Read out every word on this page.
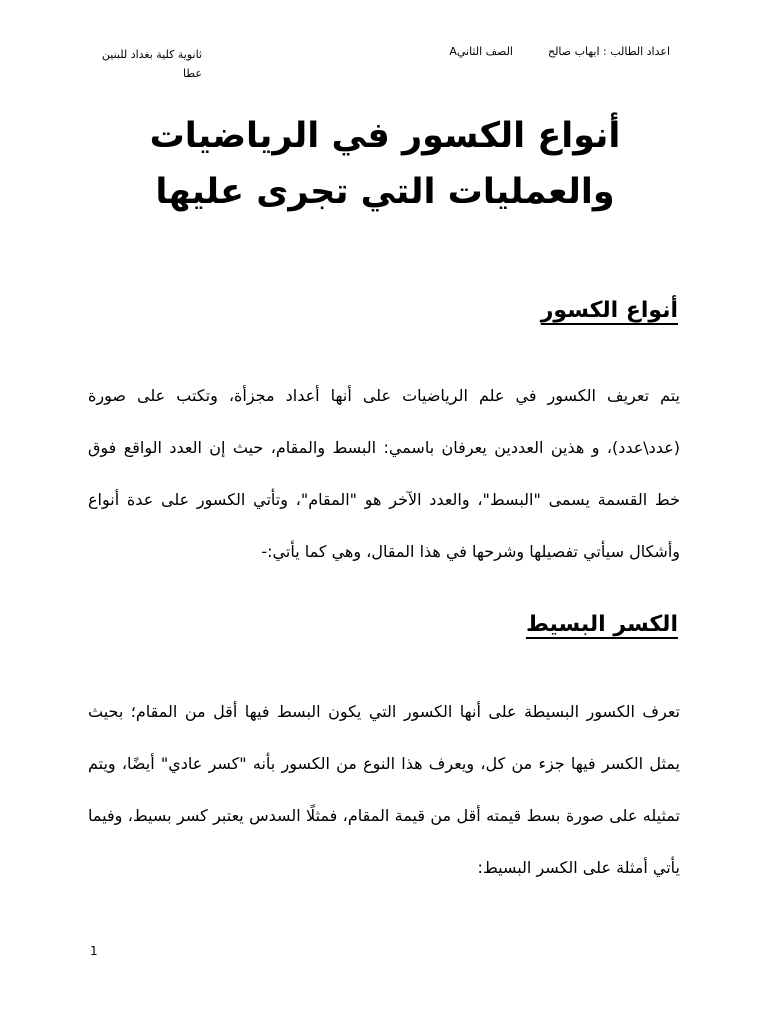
اعداد الطالب : ايهاب صالح  الصف الثانيA
ثانوية كلية بغداد للبنين
عطا
أنواع الكسور في الرياضيات والعمليات التي تجرى عليها
أنواع الكسور
يتم تعريف الكسور في علم الرياضيات على أنها أعداد مجزأة، وتكتب على صورة (عدد\عدد)، و هذين العددين يعرفان باسمي: البسط والمقام، حيث إن العدد الواقع فوق خط القسمة يسمى "البسط"، والعدد الآخر هو "المقام"، وتأتي الكسور على عدة أنواع وأشكال سيأتي تفصيلها وشرحها في هذا المقال، وهي كما يأتي:-
الكسر البسيط
تعرف الكسور البسيطة على أنها الكسور التي يكون البسط فيها أقل من المقام؛ بحيث يمثل الكسر فيها جزء من كل، ويعرف هذا النوع من الكسور بأنه "كسر عادي" أيضًا، ويتم تمثيله على صورة بسط قيمته أقل من قيمة المقام، فمثلًا السدس يعتبر كسر بسيط، وفيما يأتي أمثلة على الكسر البسيط:
1
